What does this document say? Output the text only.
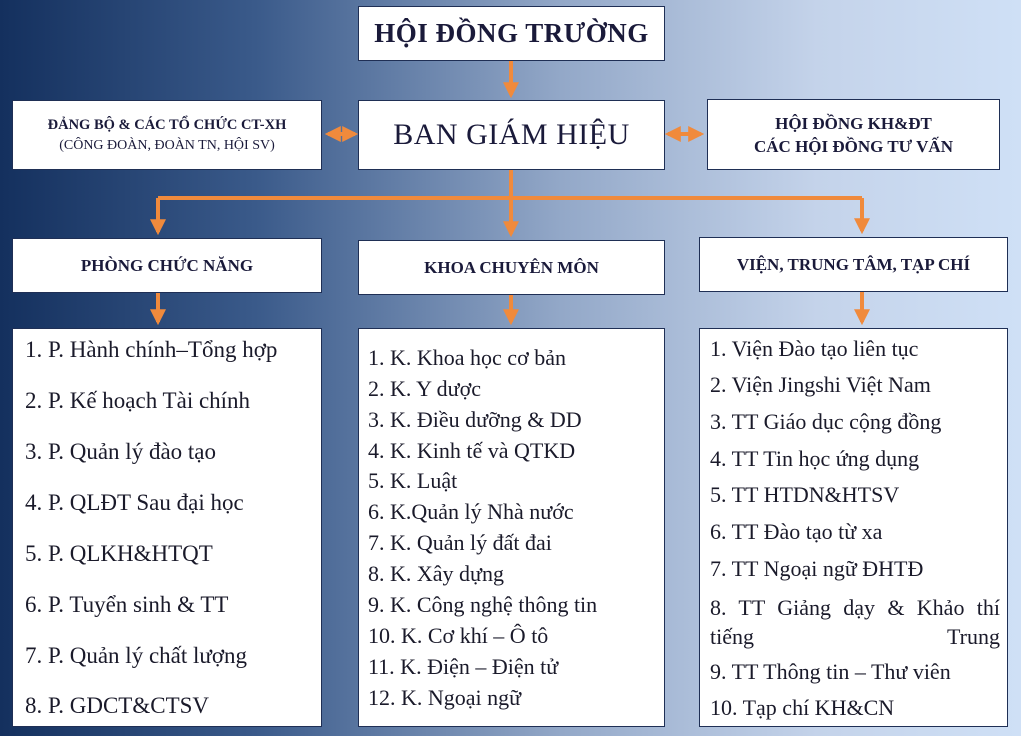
HỘI ĐỒNG TRƯỜNG
BAN GIÁM HIỆU
ĐẢNG BỘ & CÁC TỔ CHỨC CT-XH
(CÔNG ĐOÀN, ĐOÀN TN, HỘI SV)
HỘI ĐỒNG KH&ĐT
CÁC HỘI ĐỒNG TƯ VẤN
PHÒNG CHỨC NĂNG	KHOA CHUYÊN MÔN	VIỆN, TRUNG TÂM, TẠP CHÍ
1. P. Hành chính–Tổng hợp
2. P. Kế hoạch Tài chính
3. P. Quản lý đào tạo
4. P. QLĐT Sau đại học
5. P. QLKH&HTQT
6. P. Tuyển sinh & TT
7. P. Quản lý chất lượng
8. P. GDCT&CTSV
1. K. Khoa học cơ bản
2. K. Y dược
3. K. Điều dưỡng & DD
4. K. Kinh tế và QTKD
5. K. Luật
6. K.Quản lý Nhà nước
7. K. Quản lý đất đai
8. K. Xây dựng
9. K. Công nghệ thông tin
10. K. Cơ khí – Ô tô
11. K. Điện – Điện tử
12. K. Ngoại ngữ
1. Viện Đào tạo liên tục
2. Viện Jingshi Việt Nam
3. TT Giáo dục cộng đồng
4. TT Tin học ứng dụng
5. TT HTDN&HTSV
6. TT Đào tạo từ xa
7. TT Ngoại ngữ ĐHTĐ
8. TT Giảng dạy & Khảo thí tiếng Trung
9. TT Thông tin – Thư viên
10. Tạp chí KH&CN
